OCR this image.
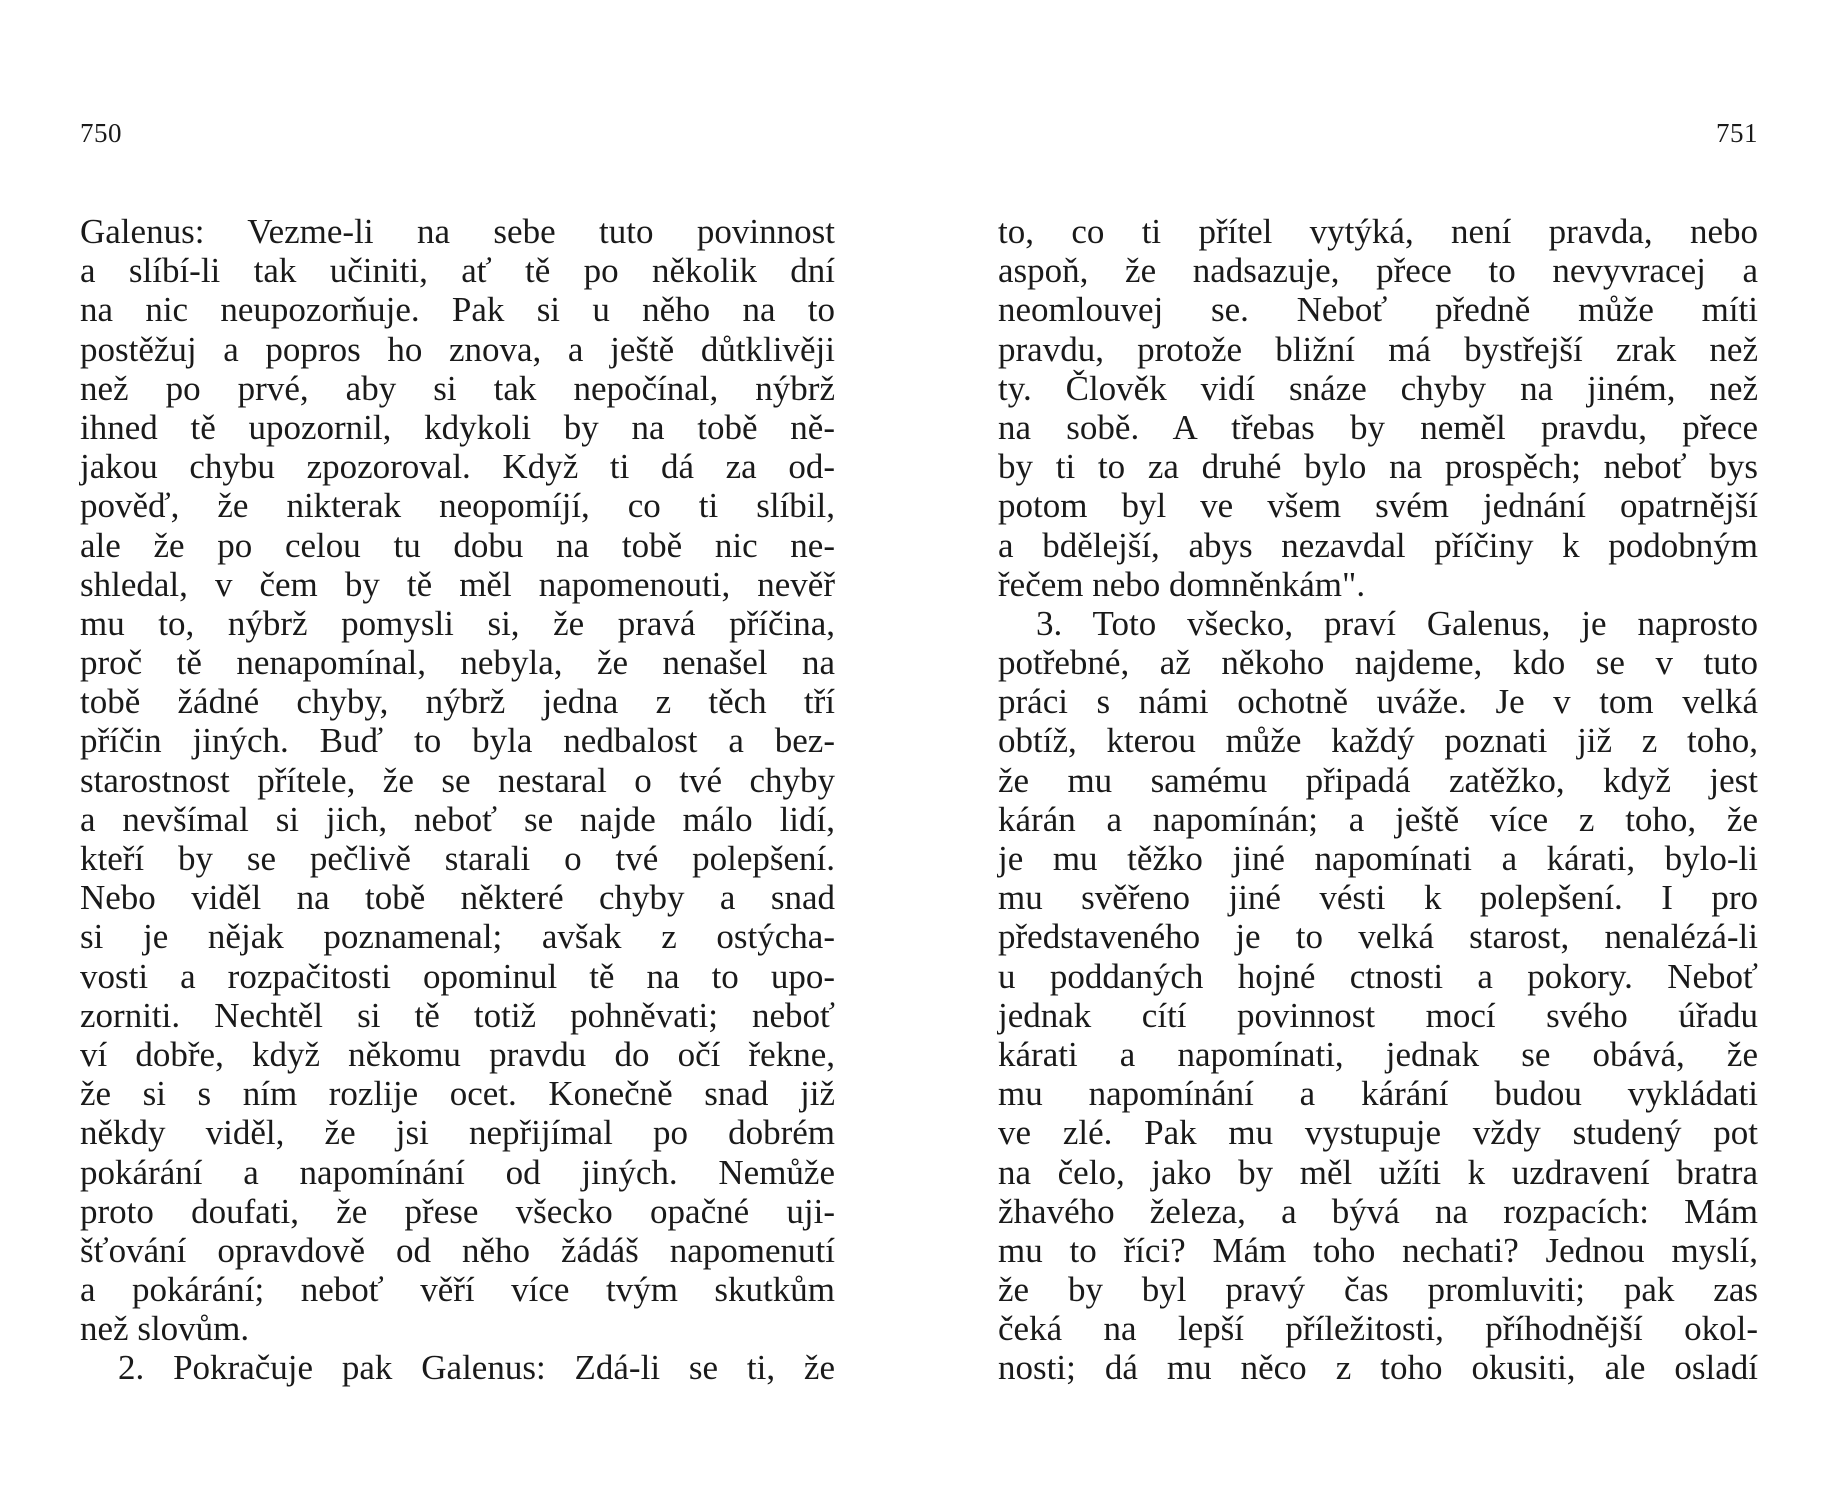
750
Galenus: Vezme-li na sebe tuto povinnost
a slíbí-li tak učiniti, ať tě po několik dní
na nic neupozorňuje. Pak si u něho na to
postěžuj a popros ho znova, a ještě důtklivěji
než po prvé, aby si tak nepočínal, nýbrž
ihned tě upozornil, kdykoli by na tobě ně-
jakou chybu zpozoroval. Když ti dá za od-
pověď, že nikterak neopomíjí, co ti slíbil,
ale že po celou tu dobu na tobě nic ne-
shledal, v čem by tě měl napomenouti, nevěř
mu to, nýbrž pomysli si, že pravá příčina,
proč tě nenapomínal, nebyla, že nenašel na
tobě žádné chyby, nýbrž jedna z těch tří
příčin jiných. Buď to byla nedbalost a bez-
starostnost přítele, že se nestaral o tvé chyby
a nevšímal si jich, neboť se najde málo lidí,
kteří by se pečlivě starali o tvé polepšení.
Nebo viděl na tobě některé chyby a snad
si je nějak poznamenal; avšak z ostýcha-
vosti a rozpačitosti opominul tě na to upo-
zorniti. Nechtěl si tě totiž pohněvati; neboť
ví dobře, když někomu pravdu do očí řekne,
že si s ním rozlije ocet. Konečně snad již
někdy viděl, že jsi nepřijímal po dobrém
pokárání a napomínání od jiných. Nemůže
proto doufati, že přese všecko opačné uji-
šťování opravdově od něho žádáš napomenutí
a pokárání; neboť věří více tvým skutkům
než slovům.
2. Pokračuje pak Galenus: Zdá-li se ti, že
751
to, co ti přítel vytýká, není pravda, nebo
aspoň, že nadsazuje, přece to nevyvracej a
neomlouvej se. Neboť předně může míti
pravdu, protože bližní má bystřejší zrak než
ty. Člověk vidí snáze chyby na jiném, než
na sobě. A třebas by neměl pravdu, přece
by ti to za druhé bylo na prospěch; neboť bys
potom byl ve všem svém jednání opatrnější
a bdělejší, abys nezavdal příčiny k podobným
řečem nebo domněnkám".
3. Toto všecko, praví Galenus, je naprosto
potřebné, až někoho najdeme, kdo se v tuto
práci s námi ochotně uváže. Je v tom velká
obtíž, kterou může každý poznati již z toho,
že mu samému připadá zatěžko, když jest
kárán a napomínán; a ještě více z toho, že
je mu těžko jiné napomínati a kárati, bylo-li
mu svěřeno jiné vésti k polepšení. I pro
představeného je to velká starost, nenalézá-li
u poddaných hojné ctnosti a pokory. Neboť
jednak cítí povinnost mocí svého úřadu
kárati a napomínati, jednak se obává, že
mu napomínání a kárání budou vykládati
ve zlé. Pak mu vystupuje vždy studený pot
na čelo, jako by měl užíti k uzdravení bratra
žhavého železa, a bývá na rozpacích: Mám
mu to říci? Mám toho nechati? Jednou myslí,
že by byl pravý čas promluviti; pak zas
čeká na lepší příležitosti, příhodnější okol-
nosti; dá mu něco z toho okusiti, ale osladí
